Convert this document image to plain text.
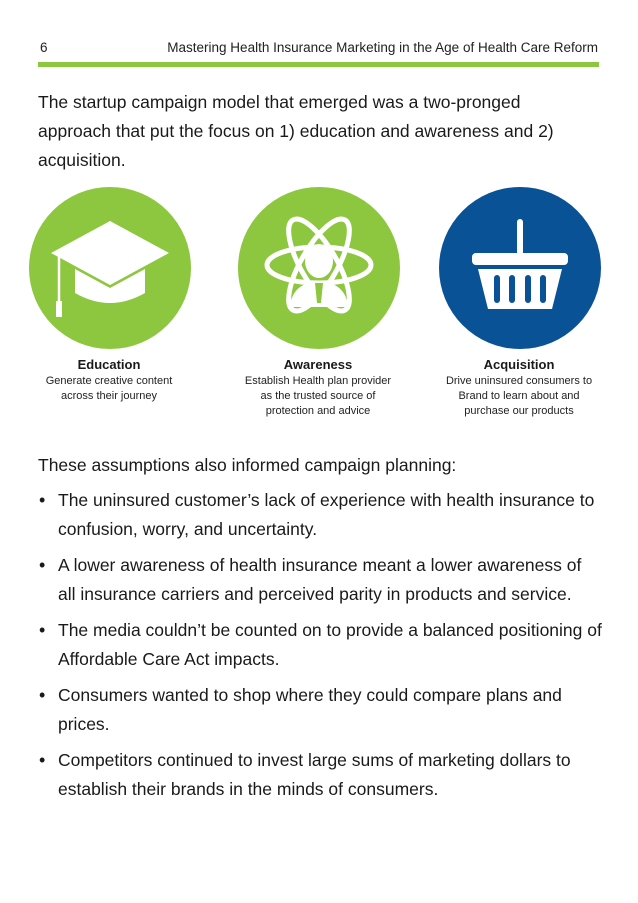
6	Mastering Health Insurance Marketing in the Age of Health Care Reform

The startup campaign model that emerged was a two-pronged approach that put the focus on 1) education and awareness and 2) acquisition.

Education
Generate creative content across their journey
Awareness
Establish Health plan provider as the trusted source of protection and advice
Acquisition
Drive uninsured consumers to Brand to learn about and purchase our products

These assumptions also informed campaign planning:

• The uninsured customer’s lack of experience with health insurance to confusion, worry, and uncertainty.
• A lower awareness of health insurance meant a lower awareness of all insurance carriers and perceived parity in products and service.
• The media couldn’t be counted on to provide a balanced positioning of Affordable Care Act impacts.
• Consumers wanted to shop where they could compare plans and prices.
• Competitors continued to invest large sums of marketing dollars to establish their brands in the minds of consumers.
